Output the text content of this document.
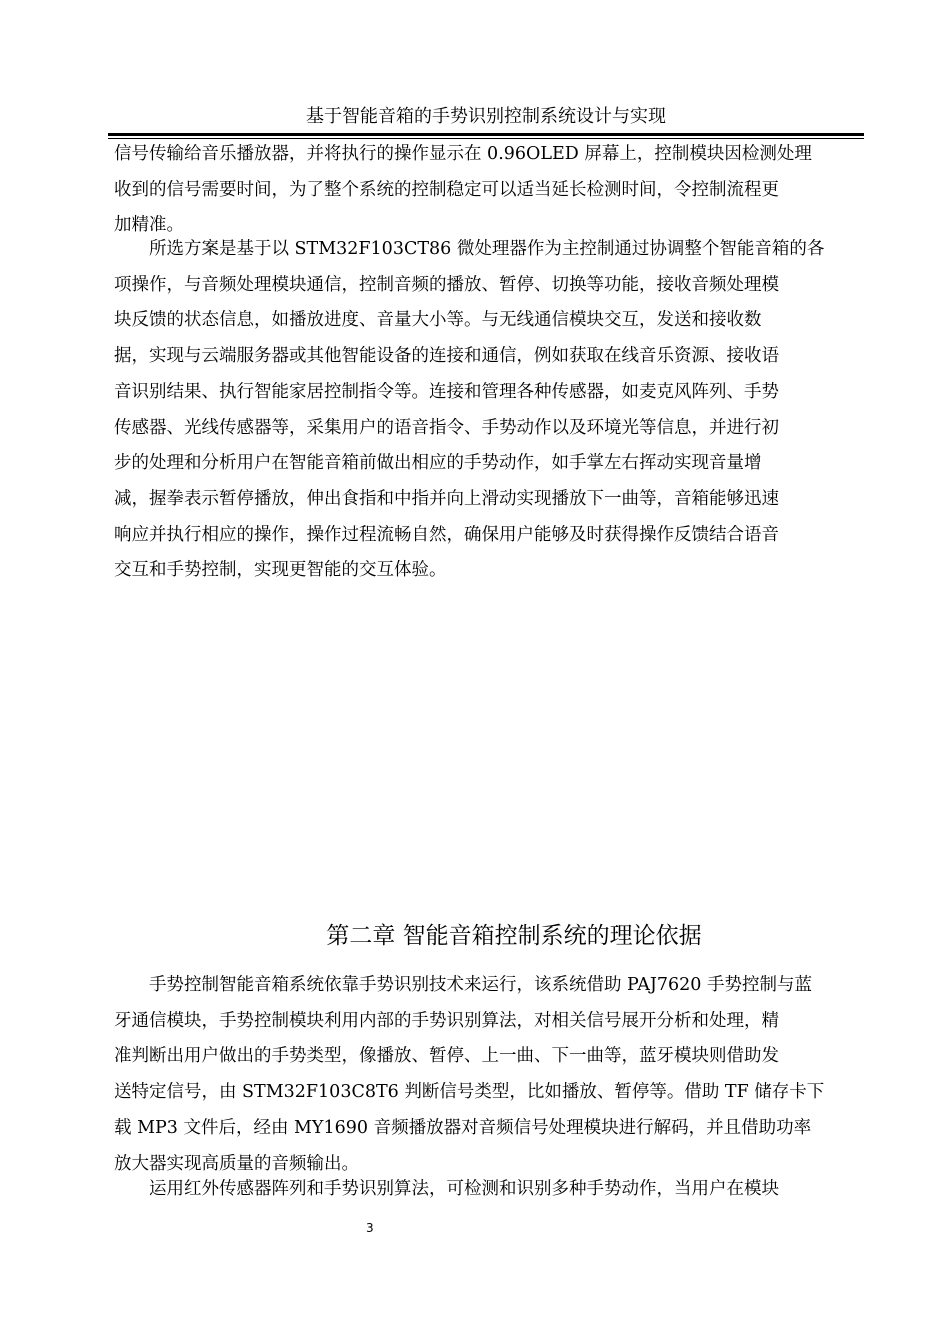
基于智能音箱的手势识别控制系统设计与实现

信号传输给音乐播放器，并将执行的操作显示在 0.96OLED 屏幕上，控制模块因检测处理
收到的信号需要时间，为了整个系统的控制稳定可以适当延长检测时间，令控制流程更
加精准。

　　所选方案是基于以 STM32F103CT86 微处理器作为主控制通过协调整个智能音箱的各
项操作，与音频处理模块通信，控制音频的播放、暂停、切换等功能，接收音频处理模
块反馈的状态信息，如播放进度、音量大小等。与无线通信模块交互，发送和接收数
据，实现与云端服务器或其他智能设备的连接和通信，例如获取在线音乐资源、接收语
音识别结果、执行智能家居控制指令等。连接和管理各种传感器，如麦克风阵列、手势
传感器、光线传感器等，采集用户的语音指令、手势动作以及环境光等信息，并进行初
步的处理和分析用户在智能音箱前做出相应的手势动作，如手掌左右挥动实现音量增
减，握拳表示暂停播放，伸出食指和中指并向上滑动实现播放下一曲等，音箱能够迅速
响应并执行相应的操作，操作过程流畅自然，确保用户能够及时获得操作反馈结合语音
交互和手势控制，实现更智能的交互体验。

第二章 智能音箱控制系统的理论依据

　　手势控制智能音箱系统依靠手势识别技术来运行，该系统借助 PAJ7620 手势控制与蓝
牙通信模块，手势控制模块利用内部的手势识别算法，对相关信号展开分析和处理，精
准判断出用户做出的手势类型，像播放、暂停、上一曲、下一曲等，蓝牙模块则借助发
送特定信号，由 STM32F103C8T6 判断信号类型，比如播放、暂停等。借助 TF 储存卡下
载 MP3 文件后，经由 MY1690 音频播放器对音频信号处理模块进行解码，并且借助功率
放大器实现高质量的音频输出。

　　运用红外传感器阵列和手势识别算法，可检测和识别多种手势动作，当用户在模块

3
